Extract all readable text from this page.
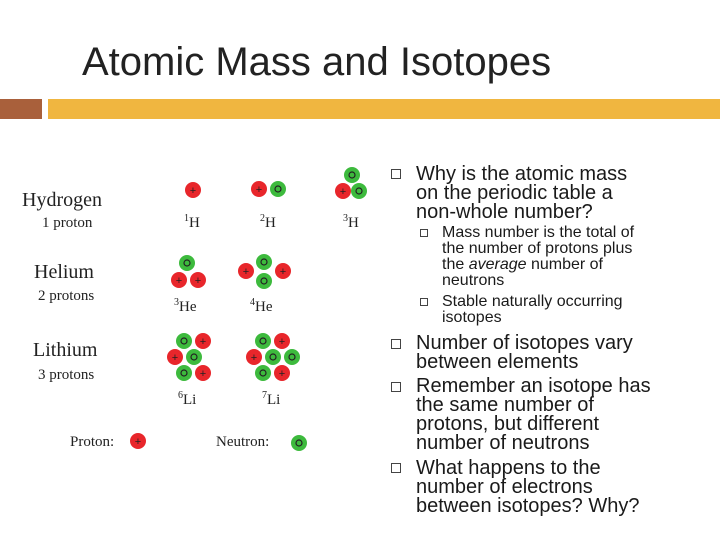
Atomic Mass and Isotopes
Hydrogen
1 proton
Helium
2 protons
Lithium
3 protons
+
$^1$H
+
$^2$H
+
$^3$H
+ +
$^3$He
+	+
$^4$He
+
+
+
$^6$Li
+
+
+
$^7$Li
Proton: +	Neutron:
Why is the atomic mass
on the periodic table a
non-whole number?
Mass number is the total of
the number of protons plus
the average number of
neutrons
Stable naturally occurring
isotopes
Number of isotopes vary
between elements
Remember an isotope has
the same number of
protons, but different
number of neutrons
What happens to the
number of electrons
between isotopes? Why?
